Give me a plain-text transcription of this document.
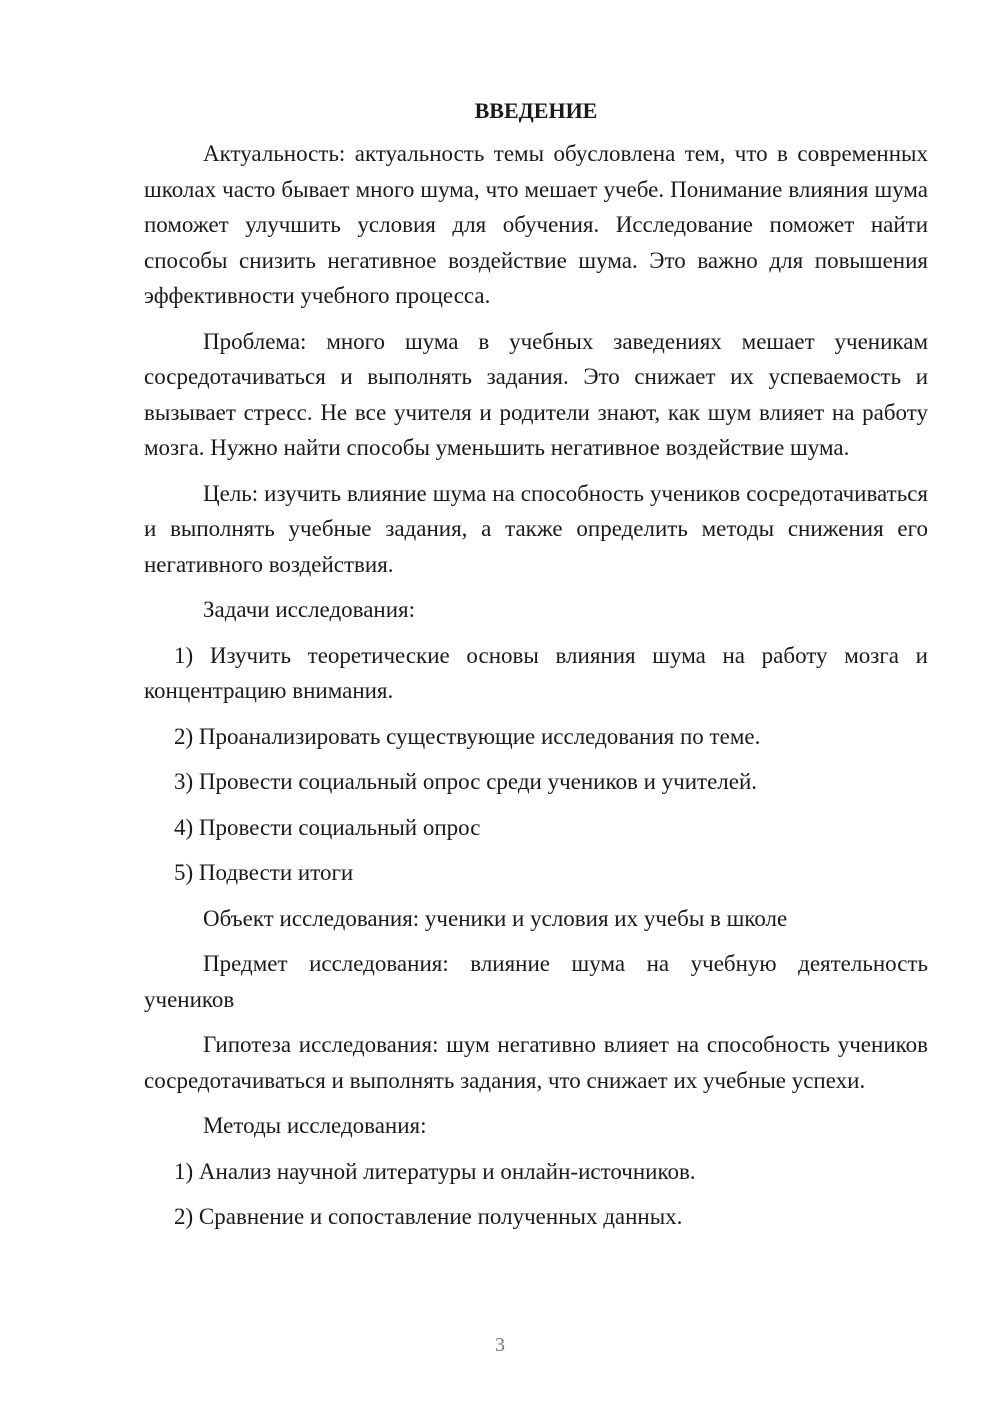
ВВЕДЕНИЕ

Актуальность: актуальность темы обусловлена тем, что в современных школах часто бывает много шума, что мешает учебе. Понимание влияния шума поможет улучшить условия для обучения. Исследование поможет найти способы снизить негативное воздействие шума. Это важно для повышения эффективности учебного процесса.

Проблема: много шума в учебных заведениях мешает ученикам сосредотачиваться и выполнять задания. Это снижает их успеваемость и вызывает стресс. Не все учителя и родители знают, как шум влияет на работу мозга. Нужно найти способы уменьшить негативное воздействие шума.

Цель: изучить влияние шума на способность учеников сосредотачиваться и выполнять учебные задания, а также определить методы снижения его негативного воздействия.

Задачи исследования:

1) Изучить теоретические основы влияния шума на работу мозга и концентрацию внимания.

2) Проанализировать существующие исследования по теме.

3) Провести социальный опрос среди учеников и учителей.

4) Провести социальный опрос

5) Подвести итоги

Объект исследования: ученики и условия их учебы в школе

Предмет исследования: влияние шума на учебную деятельность учеников

Гипотеза исследования: шум негативно влияет на способность учеников сосредотачиваться и выполнять задания, что снижает их учебные успехи.

Методы исследования:

1) Анализ научной литературы и онлайн-источников.

2) Сравнение и сопоставление полученных данных.

3
